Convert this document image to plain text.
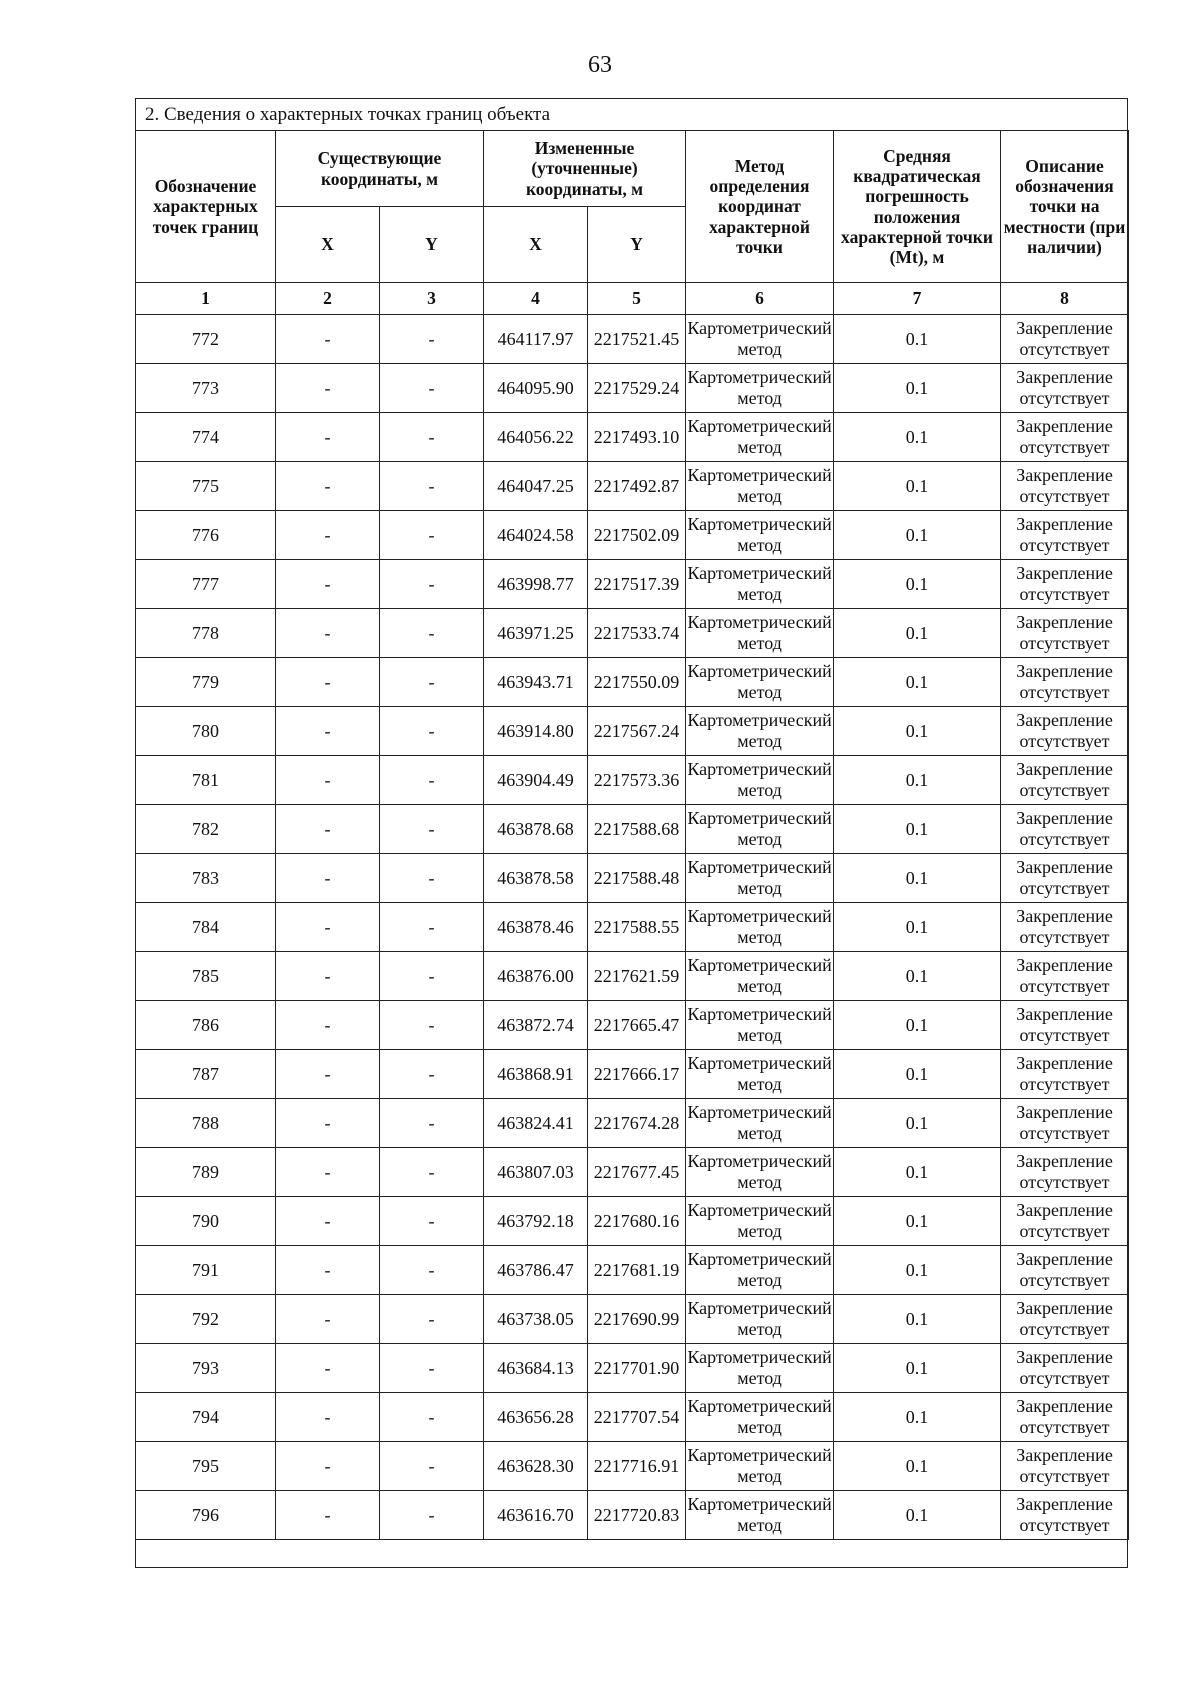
63
2. Сведения о характерных точках границ объекта
Обозначение характерных точек границ	Существующие координаты, м		Измененные (уточненные) координаты, м		Метод определения координат характерной точки	Средняя квадратическая погрешность положения характерной точки (Mt), м	Описание обозначения точки на местности (при наличии)
	X	Y	X	Y			
1	2	3	4	5	6	7	8
772	-	-	464117.97	2217521.45	Картометрический метод	0.1	Закрепление отсутствует
773	-	-	464095.90	2217529.24	Картометрический метод	0.1	Закрепление отсутствует
774	-	-	464056.22	2217493.10	Картометрический метод	0.1	Закрепление отсутствует
775	-	-	464047.25	2217492.87	Картометрический метод	0.1	Закрепление отсутствует
776	-	-	464024.58	2217502.09	Картометрический метод	0.1	Закрепление отсутствует
777	-	-	463998.77	2217517.39	Картометрический метод	0.1	Закрепление отсутствует
778	-	-	463971.25	2217533.74	Картометрический метод	0.1	Закрепление отсутствует
779	-	-	463943.71	2217550.09	Картометрический метод	0.1	Закрепление отсутствует
780	-	-	463914.80	2217567.24	Картометрический метод	0.1	Закрепление отсутствует
781	-	-	463904.49	2217573.36	Картометрический метод	0.1	Закрепление отсутствует
782	-	-	463878.68	2217588.68	Картометрический метод	0.1	Закрепление отсутствует
783	-	-	463878.58	2217588.48	Картометрический метод	0.1	Закрепление отсутствует
784	-	-	463878.46	2217588.55	Картометрический метод	0.1	Закрепление отсутствует
785	-	-	463876.00	2217621.59	Картометрический метод	0.1	Закрепление отсутствует
786	-	-	463872.74	2217665.47	Картометрический метод	0.1	Закрепление отсутствует
787	-	-	463868.91	2217666.17	Картометрический метод	0.1	Закрепление отсутствует
788	-	-	463824.41	2217674.28	Картометрический метод	0.1	Закрепление отсутствует
789	-	-	463807.03	2217677.45	Картометрический метод	0.1	Закрепление отсутствует
790	-	-	463792.18	2217680.16	Картометрический метод	0.1	Закрепление отсутствует
791	-	-	463786.47	2217681.19	Картометрический метод	0.1	Закрепление отсутствует
792	-	-	463738.05	2217690.99	Картометрический метод	0.1	Закрепление отсутствует
793	-	-	463684.13	2217701.90	Картометрический метод	0.1	Закрепление отсутствует
794	-	-	463656.28	2217707.54	Картометрический метод	0.1	Закрепление отсутствует
795	-	-	463628.30	2217716.91	Картометрический метод	0.1	Закрепление отсутствует
796	-	-	463616.70	2217720.83	Картометрический метод	0.1	Закрепление отсутствует
